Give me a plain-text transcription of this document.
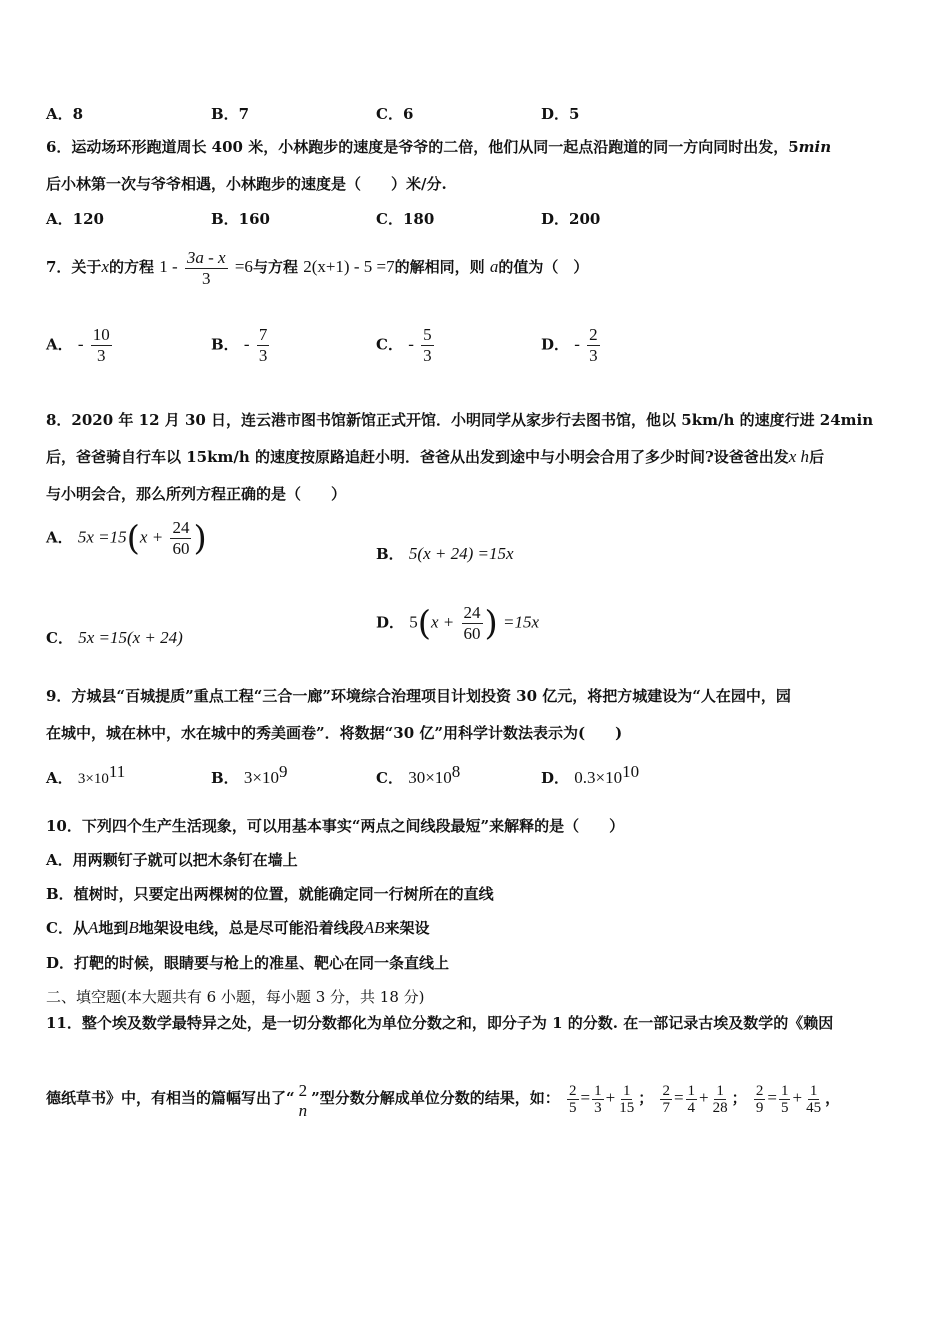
A．8	B．7	C．6	D．5
6．运动场环形跑道周长 400 米，小林跑步的速度是爷爷的二倍，他们从同一起点沿跑道的同一方向同时出发，5min
后小林第一次与爷爷相遇，小林跑步的速度是（　　）米/分.
A．120	B．160	C．180	D．200
7．关于x的方程 $1 - \frac{3a - x}{3} =6$与方程 2(x+1) - 5 =7的解相同，则 a的值为（　）
A． - $\frac{10}{3}$	B． - $\frac{7}{3}$	C． - $\frac{5}{3}$	D． - $\frac{2}{3}$
8．2020 年 12 月 30 日，连云港市图书馆新馆正式开馆．小明同学从家步行去图书馆，他以 5km/h 的速度行进 24min
后，爸爸骑自行车以 15km/h 的速度按原路追赶小明．爸爸从出发到途中与小明会合用了多少时间?设爸爸出发x h后
与小明会合，那么所列方程正确的是（　　）
A． $5x =15(x + \frac{24}{60}$ )	B． 5(x + 24) =15x
C． 5x =15(x + 24)
D． $5(x + \frac{24}{60}$ ) =15x
9．方城县“百城提质”重点工程“三合一廊”环境综合治理项目计划投资 30 亿元，将把方城建设为“人在园中，园
在城中，城在林中，水在城中的秀美画卷”．将数据“30 亿”用科学计数法表示为(　　)
A． $3\times 10^{11}$	B． $3\times 10^9$	C． $30\times 10^8$	D． $0.3\times 10^{10}$
10．下列四个生产生活现象，可以用基本事实“两点之间线段最短”来解释的是（　　）
A．用两颗钉子就可以把木条钉在墙上
B．植树时，只要定出两棵树的位置，就能确定同一行树所在的直线
C．从A地到B地架设电线，总是尽可能沿着线段AB来架设
D．打靶的时候，眼睛要与枪上的准星、靶心在同一条直线上
二、填空题(本大题共有 6 小题，每小题 3 分，共 18 分)
11．整个埃及数学最特异之处，是一切分数都化为单位分数之和，即分子为 1 的分数. 在一部记录古埃及数学的《赖因
德纸草书》中，有相当的篇幅写出了“ 2
n
”型分数分解成单位分数的结果，如： $\frac{2}{5} = \frac{1}{3} + \frac{1}{15}$ ； $\frac{2}{7} = \frac{1}{4} + \frac{1}{28}$ ； $\frac{2}{9} = \frac{1}{5} + \frac{1}{45}$ ，
